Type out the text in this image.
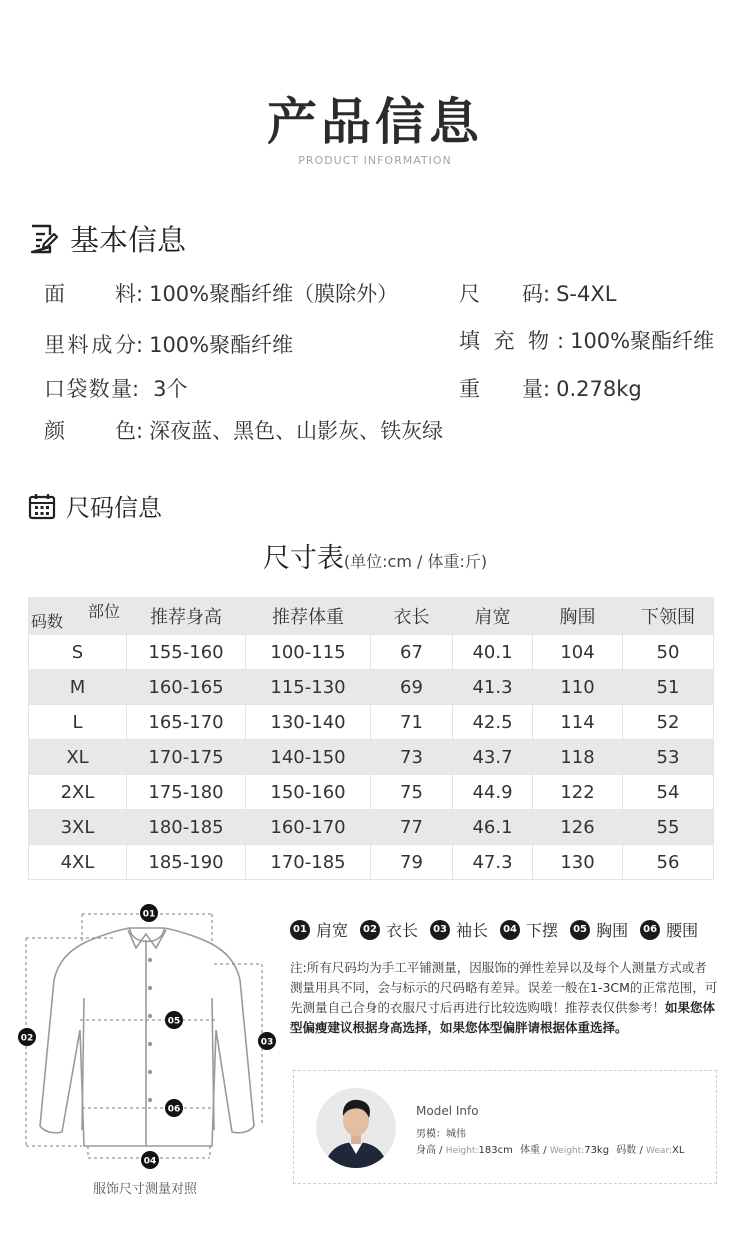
产品信息
PRODUCT INFORMATION
基本信息
面料: 100%聚酯纤维（膜除外）	尺码: S-4XL
里料成分: 100%聚酯纤维	填充物 : 100%聚酯纤维
口袋数量: 3个	重量: 0.278kg
颜色: 深夜蓝、黑色、山影灰、铁灰绿
尺码信息
尺寸表(单位:cm / 体重:斤)
部位
码数	推荐身高	推荐体重	衣长	肩宽	胸围	下领围
S	155-160	100-115	67	40.1	104	50
M	160-165	115-130	69	41.3	110	51
L	165-170	130-140	71	42.5	114	52
XL	170-175	140-150	73	43.7	118	53
2XL	175-180	150-160	75	44.9	122	54
3XL	180-185	160-170	77	46.1	126	55
4XL	185-190	170-185	79	47.3	130	56
01
02	03
04
05
06
服饰尺寸测量对照
01 肩宽	02 衣长	03 袖长	04 下摆	05 胸围	06 腰围
注:所有尺码均为手工平铺测量，因服饰的弹性差异以及每个人测量方式或者测量用具不同，会与标示的尺码略有差异。误差一般在1-3CM的正常范围，可先测量自己合身的衣服尺寸后再进行比较选购哦！推荐表仅供参考！如果您体型偏瘦建议根据身高选择，如果您体型偏胖请根据体重选择。
Model Info
男模：城伟
身高 / Height:183cm 体重 / Weight:73kg 码数 / Wear:XL
